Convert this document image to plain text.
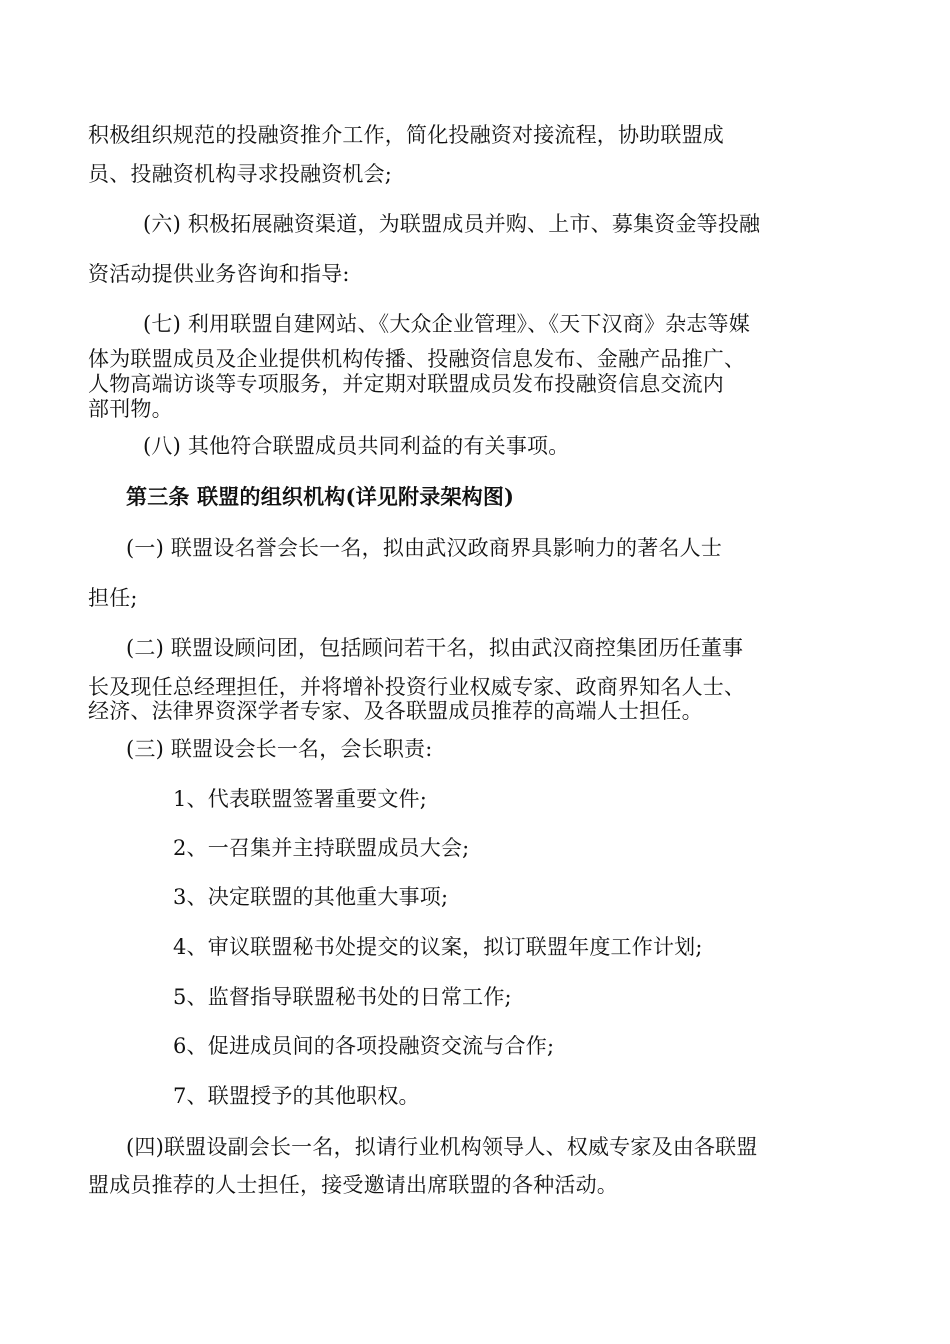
积极组织规范的投融资推介工作，简化投融资对接流程，协助联盟成
员、投融资机构寻求投融资机会;
(六) 积极拓展融资渠道，为联盟成员并购、上市、募集资金等投融
资活动提供业务咨询和指导:
(七) 利用联盟自建网站、《大众企业管理》、《天下汉商》杂志等媒
体为联盟成员及企业提供机构传播、投融资信息发布、金融产品推广、
人物高端访谈等专项服务，并定期对联盟成员发布投融资信息交流内
部刊物。
(八) 其他符合联盟成员共同利益的有关事项。
第三条 联盟的组织机构(详见附录架构图)
(一) 联盟设名誉会长一名，拟由武汉政商界具影响力的著名人士
担任;
(二) 联盟设顾问团，包括顾问若干名，拟由武汉商控集团历任董事
长及现任总经理担任，并将增补投资行业权威专家、政商界知名人士、
经济、法律界资深学者专家、及各联盟成员推荐的高端人士担任。
(三) 联盟设会长一名，会长职责:
1、代表联盟签署重要文件;
2、一召集并主持联盟成员大会;
3、决定联盟的其他重大事项;
4、审议联盟秘书处提交的议案，拟订联盟年度工作计划;
5、监督指导联盟秘书处的日常工作;
6、促进成员间的各项投融资交流与合作;
7、联盟授予的其他职权。
(四)联盟设副会长一名，拟请行业机构领导人、权威专家及由各联盟
盟成员推荐的人士担任，接受邀请出席联盟的各种活动。
